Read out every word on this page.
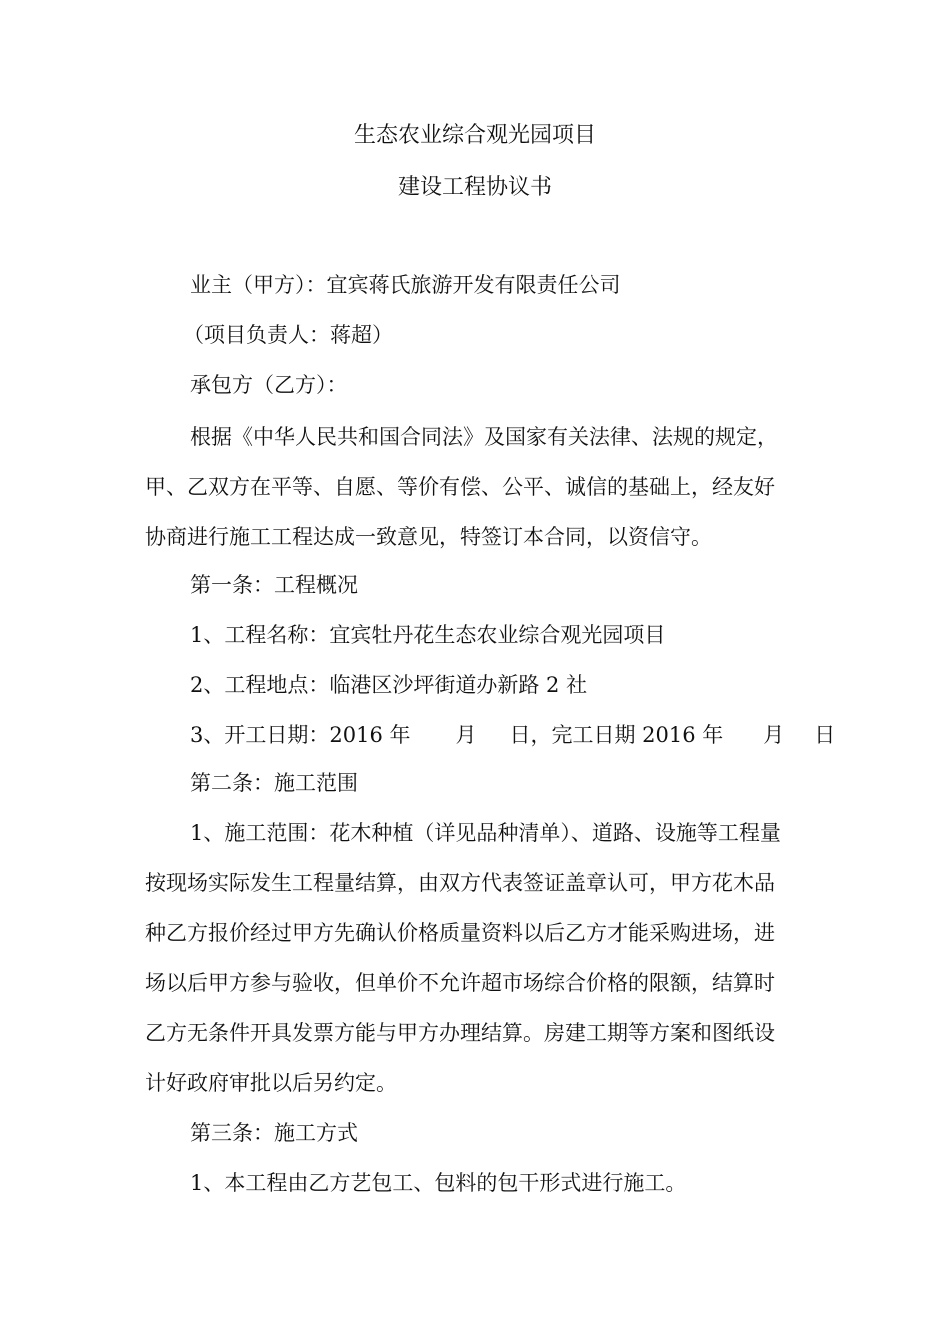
生态农业综合观光园项目
建设工程协议书
业主（甲方）：宜宾蒋氏旅游开发有限责任公司
（项目负责人：蒋超）
承包方（乙方）：
根据《中华人民共和国合同法》及国家有关法律、法规的规定，
甲、乙双方在平等、自愿、等价有偿、公平、诚信的基础上，经友好
协商进行施工工程达成一致意见，特签订本合同，以资信守。
第一条：工程概况
1、工程名称：宜宾牡丹花生态农业综合观光园项目
2、工程地点：临港区沙坪街道办新路 2 社
3、开工日期：2016 年 月 日，完工日期 2016 年 月 日
第二条：施工范围
1、施工范围：花木种植（详见品种清单）、道路、设施等工程量
按现场实际发生工程量结算，由双方代表签证盖章认可，甲方花木品
种乙方报价经过甲方先确认价格质量资料以后乙方才能采购进场，进
场以后甲方参与验收，但单价不允许超市场综合价格的限额，结算时
乙方无条件开具发票方能与甲方办理结算。房建工期等方案和图纸设
计好政府审批以后另约定。
第三条：施工方式
1、本工程由乙方艺包工、包料的包干形式进行施工。
